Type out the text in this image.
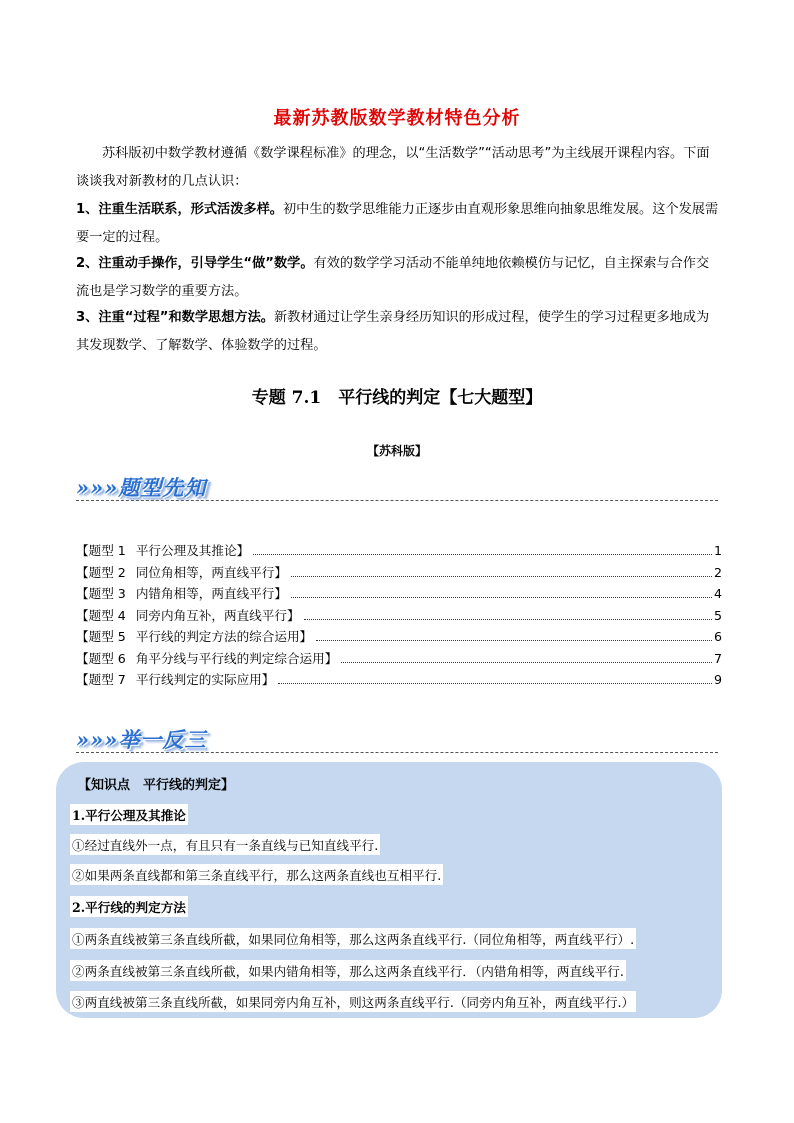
最新苏教版数学教材特色分析
苏科版初中数学教材遵循《数学课程标准》的理念，以“生活数学”“活动思考”为主线展开课程内容。下面谈谈我对新教材的几点认识：
1、注重生活联系，形式活泼多样。初中生的数学思维能力正逐步由直观形象思维向抽象思维发展。这个发展需要一定的过程。
2、注重动手操作，引导学生“做”数学。有效的数学学习活动不能单纯地依赖模仿与记忆，自主探索与合作交流也是学习数学的重要方法。
3、注重“过程”和数学思想方法。新教材通过让学生亲身经历知识的形成过程，使学生的学习过程更多地成为其发现数学、了解数学、体验数学的过程。
专题 7.1　平行线的判定【七大题型】
【苏科版】
»»»题型先知
【题型 1 平行公理及其推论】	1
【题型 2 同位角相等，两直线平行】	2
【题型 3 内错角相等，两直线平行】	4
【题型 4 同旁内角互补，两直线平行】	5
【题型 5 平行线的判定方法的综合运用】	6
【题型 6 角平分线与平行线的判定综合运用】	7
【题型 7 平行线判定的实际应用】	9
»»»举一反三
【知识点　平行线的判定】
1.平行公理及其推论
①经过直线外一点，有且只有一条直线与已知直线平行.
②如果两条直线都和第三条直线平行，那么这两条直线也互相平行.
2.平行线的判定方法
①两条直线被第三条直线所截，如果同位角相等，那么这两条直线平行.（同位角相等，两直线平行）.
②两条直线被第三条直线所截，如果内错角相等，那么这两条直线平行．（内错角相等，两直线平行.
③两直线被第三条直线所截，如果同旁内角互补，则这两条直线平行.（同旁内角互补，两直线平行.）
